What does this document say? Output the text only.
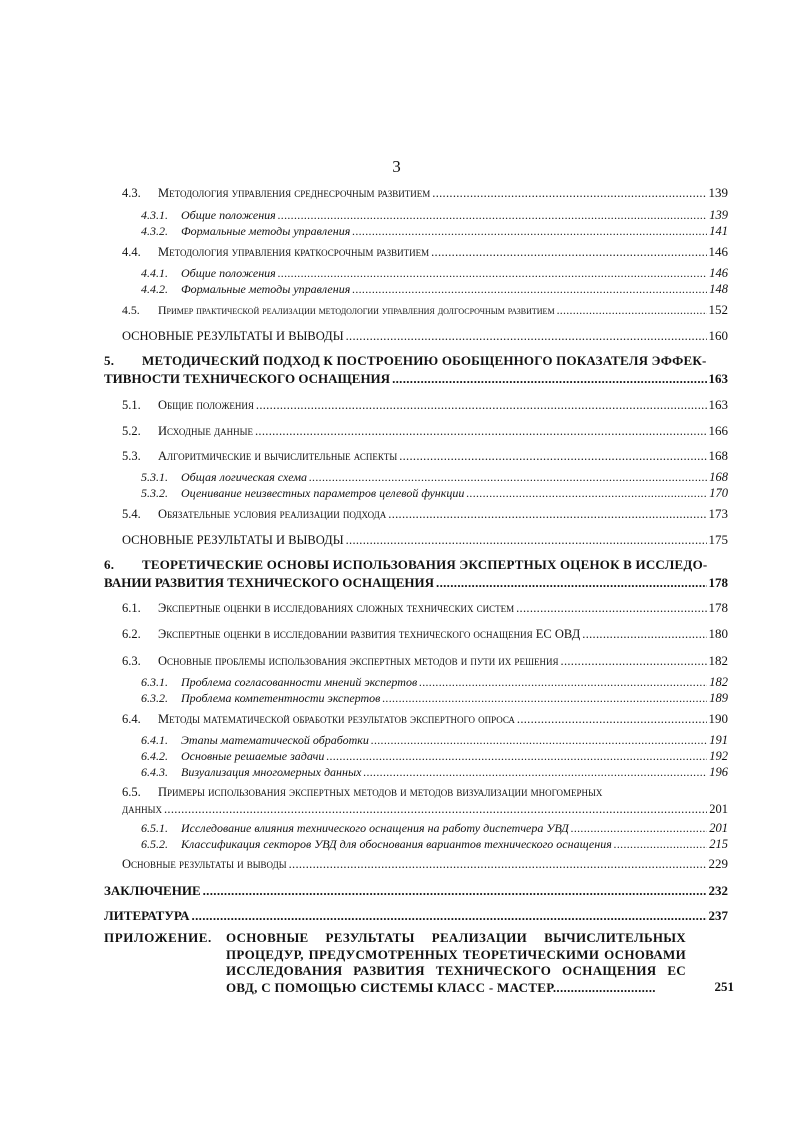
3
4.3.	Методология управления среднесрочным развитием .....	139
4.3.1.	Общие положения .....	139
4.3.2.	Формальные методы управления .....	141
4.4.	Методология управления краткосрочным развитием .....	146
4.4.1.	Общие положения .....	146
4.4.2.	Формальные методы управления .....	148
4.5.	Пример практической реализации методологии управления долгосрочным развитием .....	152
ОСНОВНЫЕ РЕЗУЛЬТАТЫ И ВЫВОДЫ .....	160
5. МЕТОДИЧЕСКИЙ ПОДХОД К ПОСТРОЕНИЮ ОБОБЩЕННОГО ПОКАЗАТЕЛЯ ЭФФЕК-
ТИВНОСТИ ТЕХНИЧЕСКОГО ОСНАЩЕНИЯ .....	163
5.1.	Общие положения .....	163
5.2.	Исходные данные .....	166
5.3.	Алгоритмические и вычислительные аспекты .....	168
5.3.1.	Общая логическая схема .....	168
5.3.2.	Оценивание неизвестных параметров целевой функции .....	170
5.4.	Обязательные условия реализации подхода .....	173
ОСНОВНЫЕ РЕЗУЛЬТАТЫ И ВЫВОДЫ .....	175
6. ТЕОРЕТИЧЕСКИЕ ОСНОВЫ ИСПОЛЬЗОВАНИЯ ЭКСПЕРТНЫХ ОЦЕНОК В ИССЛЕДО-
ВАНИИ РАЗВИТИЯ ТЕХНИЧЕСКОГО ОСНАЩЕНИЯ .....	178
6.1.	Экспертные оценки в исследованиях сложных технических систем .....	178
6.2.	Экспертные оценки в исследовании развития технического оснащения ЕС ОВД .....	180
6.3.	Основные проблемы использования экспертных методов и пути их решения .....	182
6.3.1.	Проблема согласованности мнений экспертов .....	182
6.3.2.	Проблема компетентности экспертов .....	189
6.4.	Методы математической обработки результатов экспертного опроса .....	190
6.4.1.	Этапы математической обработки .....	191
6.4.2.	Основные решаемые задачи .....	192
6.4.3.	Визуализация многомерных данных .....	196
6.5. Примеры использования экспертных методов и методов визуализации многомерных
данных .....	201
6.5.1.	Исследование влияния технического оснащения на работу диспетчера УВД .....	201
6.5.2.	Классификация секторов УВД для обоснования вариантов технического оснащения .....	215
Основные результаты и выводы .....	229
ЗАКЛЮЧЕНИЕ .....	232
ЛИТЕРАТУРА .....	237
ПРИЛОЖЕНИЕ. ОСНОВНЫЕ РЕЗУЛЬТАТЫ РЕАЛИЗАЦИИ ВЫЧИСЛИТЕЛЬНЫХ ПРОЦЕДУР, ПРЕДУСМОТРЕННЫХ ТЕОРЕТИЧЕСКИМИ ОСНОВАМИ ИССЛЕДОВАНИЯ РАЗВИТИЯ ТЕХНИЧЕСКОГО ОСНАЩЕНИЯ ЕС ОВД, С ПОМОЩЬЮ СИСТЕМЫ КЛАСС - МАСТЕР.............................	251
